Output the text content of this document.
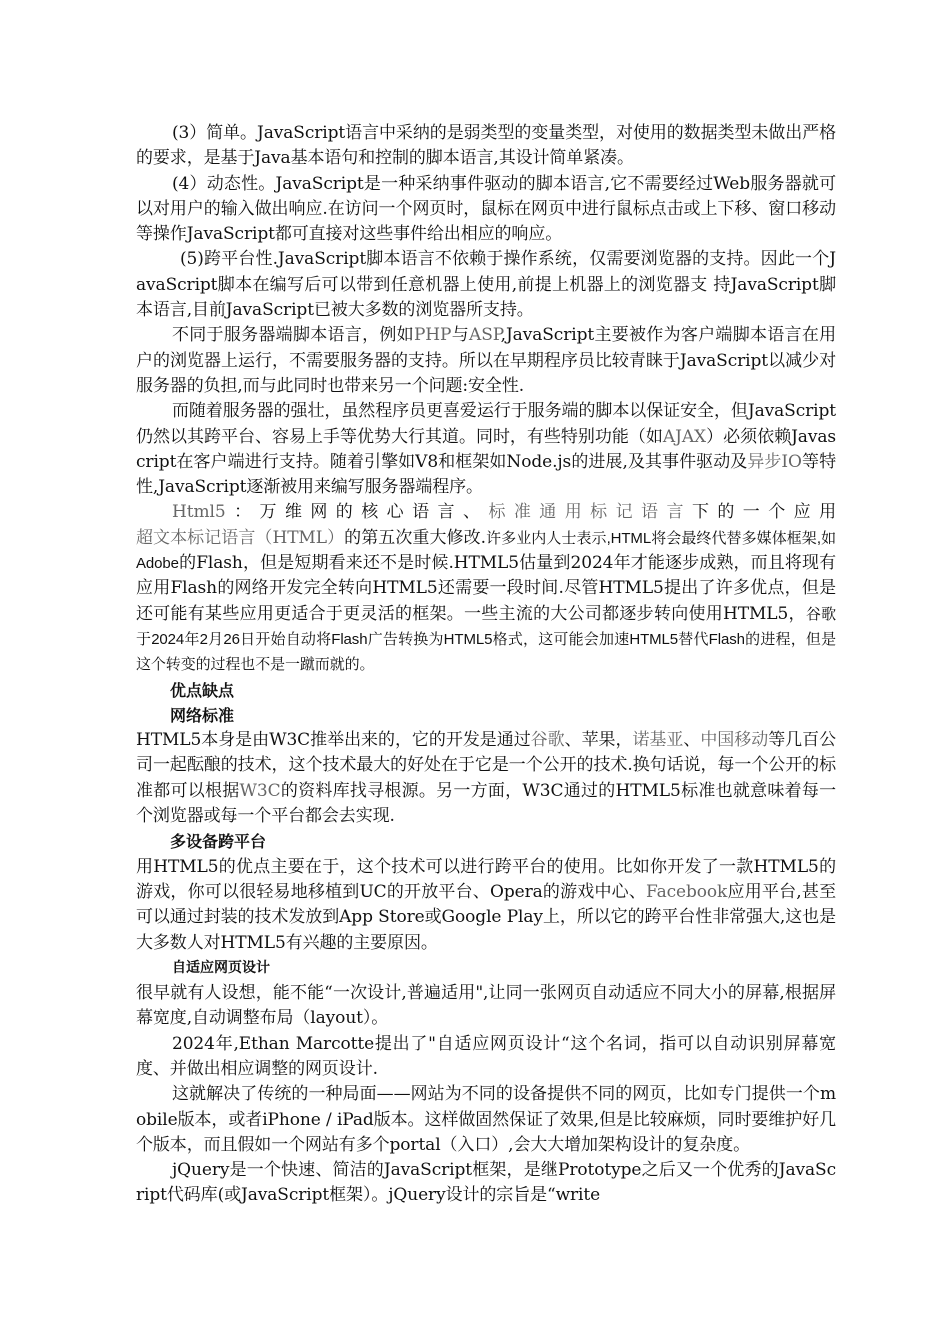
(3）简单。JavaScript语言中采纳的是弱类型的变量类型，对使用的数据类型未做出严格的要求，是基于Java基本语句和控制的脚本语言,其设计简单紧凑。

(4）动态性。JavaScript是一种采纳事件驱动的脚本语言,它不需要经过Web服务器就可以对用户的输入做出响应.在访问一个网页时，鼠标在网页中进行鼠标点击或上下移、窗口移动等操作JavaScript都可直接对这些事件给出相应的响应。

(5)跨平台性.JavaScript脚本语言不依赖于操作系统，仅需要浏览器的支持。因此一个JavaScript脚本在编写后可以带到任意机器上使用,前提上机器上的浏览器支 持JavaScript脚本语言,目前JavaScript已被大多数的浏览器所支持。

不同于服务器端脚本语言，例如PHP与ASP,JavaScript主要被作为客户端脚本语言在用户的浏览器上运行，不需要服务器的支持。所以在早期程序员比较青睐于JavaScript以减少对服务器的负担,而与此同时也带来另一个问题:安全性.

而随着服务器的强壮，虽然程序员更喜爱运行于服务端的脚本以保证安全，但JavaScript仍然以其跨平台、容易上手等优势大行其道。同时，有些特别功能（如AJAX）必须依赖Javascript在客户端进行支持。随着引擎如V8和框架如Node.js的进展,及其事件驱动及异步IO等特性,JavaScript逐渐被用来编写服务器端程序。

Html5：万维网的核心语言、标准通用标记语言下的一个应用超文本标记语言（HTML）的第五次重大修改.许多业内人士表示,HTML将会最终代替多媒体框架,如Adobe的Flash，但是短期看来还不是时候.HTML5估量到2024年才能逐步成熟，而且将现有应用Flash的网络开发完全转向HTML5还需要一段时间.尽管HTML5提出了许多优点，但是还可能有某些应用更适合于更灵活的框架。一些主流的大公司都逐步转向使用HTML5，谷歌于2024年2月26日开始自动将Flash广告转换为HTML5格式，这可能会加速HTML5替代Flash的进程，但是这个转变的过程也不是一蹴而就的。

优点缺点

网络标准

HTML5本身是由W3C推举出来的，它的开发是通过谷歌、苹果，诺基亚、中国移动等几百公司一起酝酿的技术，这个技术最大的好处在于它是一个公开的技术.换句话说，每一个公开的标准都可以根据W3C的资料库找寻根源。另一方面，W3C通过的HTML5标准也就意味着每一个浏览器或每一个平台都会去实现.

多设备跨平台

用HTML5的优点主要在于，这个技术可以进行跨平台的使用。比如你开发了一款HTML5的游戏，你可以很轻易地移植到UC的开放平台、Opera的游戏中心、Facebook应用平台,甚至可以通过封装的技术发放到App Store或Google Play上，所以它的跨平台性非常强大,这也是大多数人对HTML5有兴趣的主要原因。

自适应网页设计

很早就有人设想，能不能“一次设计,普遍适用",让同一张网页自动适应不同大小的屏幕,根据屏幕宽度,自动调整布局（layout）。

2024年,Ethan Marcotte提出了"自适应网页设计“这个名词，指可以自动识别屏幕宽度、并做出相应调整的网页设计.

这就解决了传统的一种局面——网站为不同的设备提供不同的网页，比如专门提供一个mobile版本，或者iPhone / iPad版本。这样做固然保证了效果,但是比较麻烦，同时要维护好几个版本，而且假如一个网站有多个portal（入口）,会大大增加架构设计的复杂度。

jQuery是一个快速、简洁的JavaScript框架，是继Prototype之后又一个优秀的JavaScript代码库(或JavaScript框架）。jQuery设计的宗旨是“write
